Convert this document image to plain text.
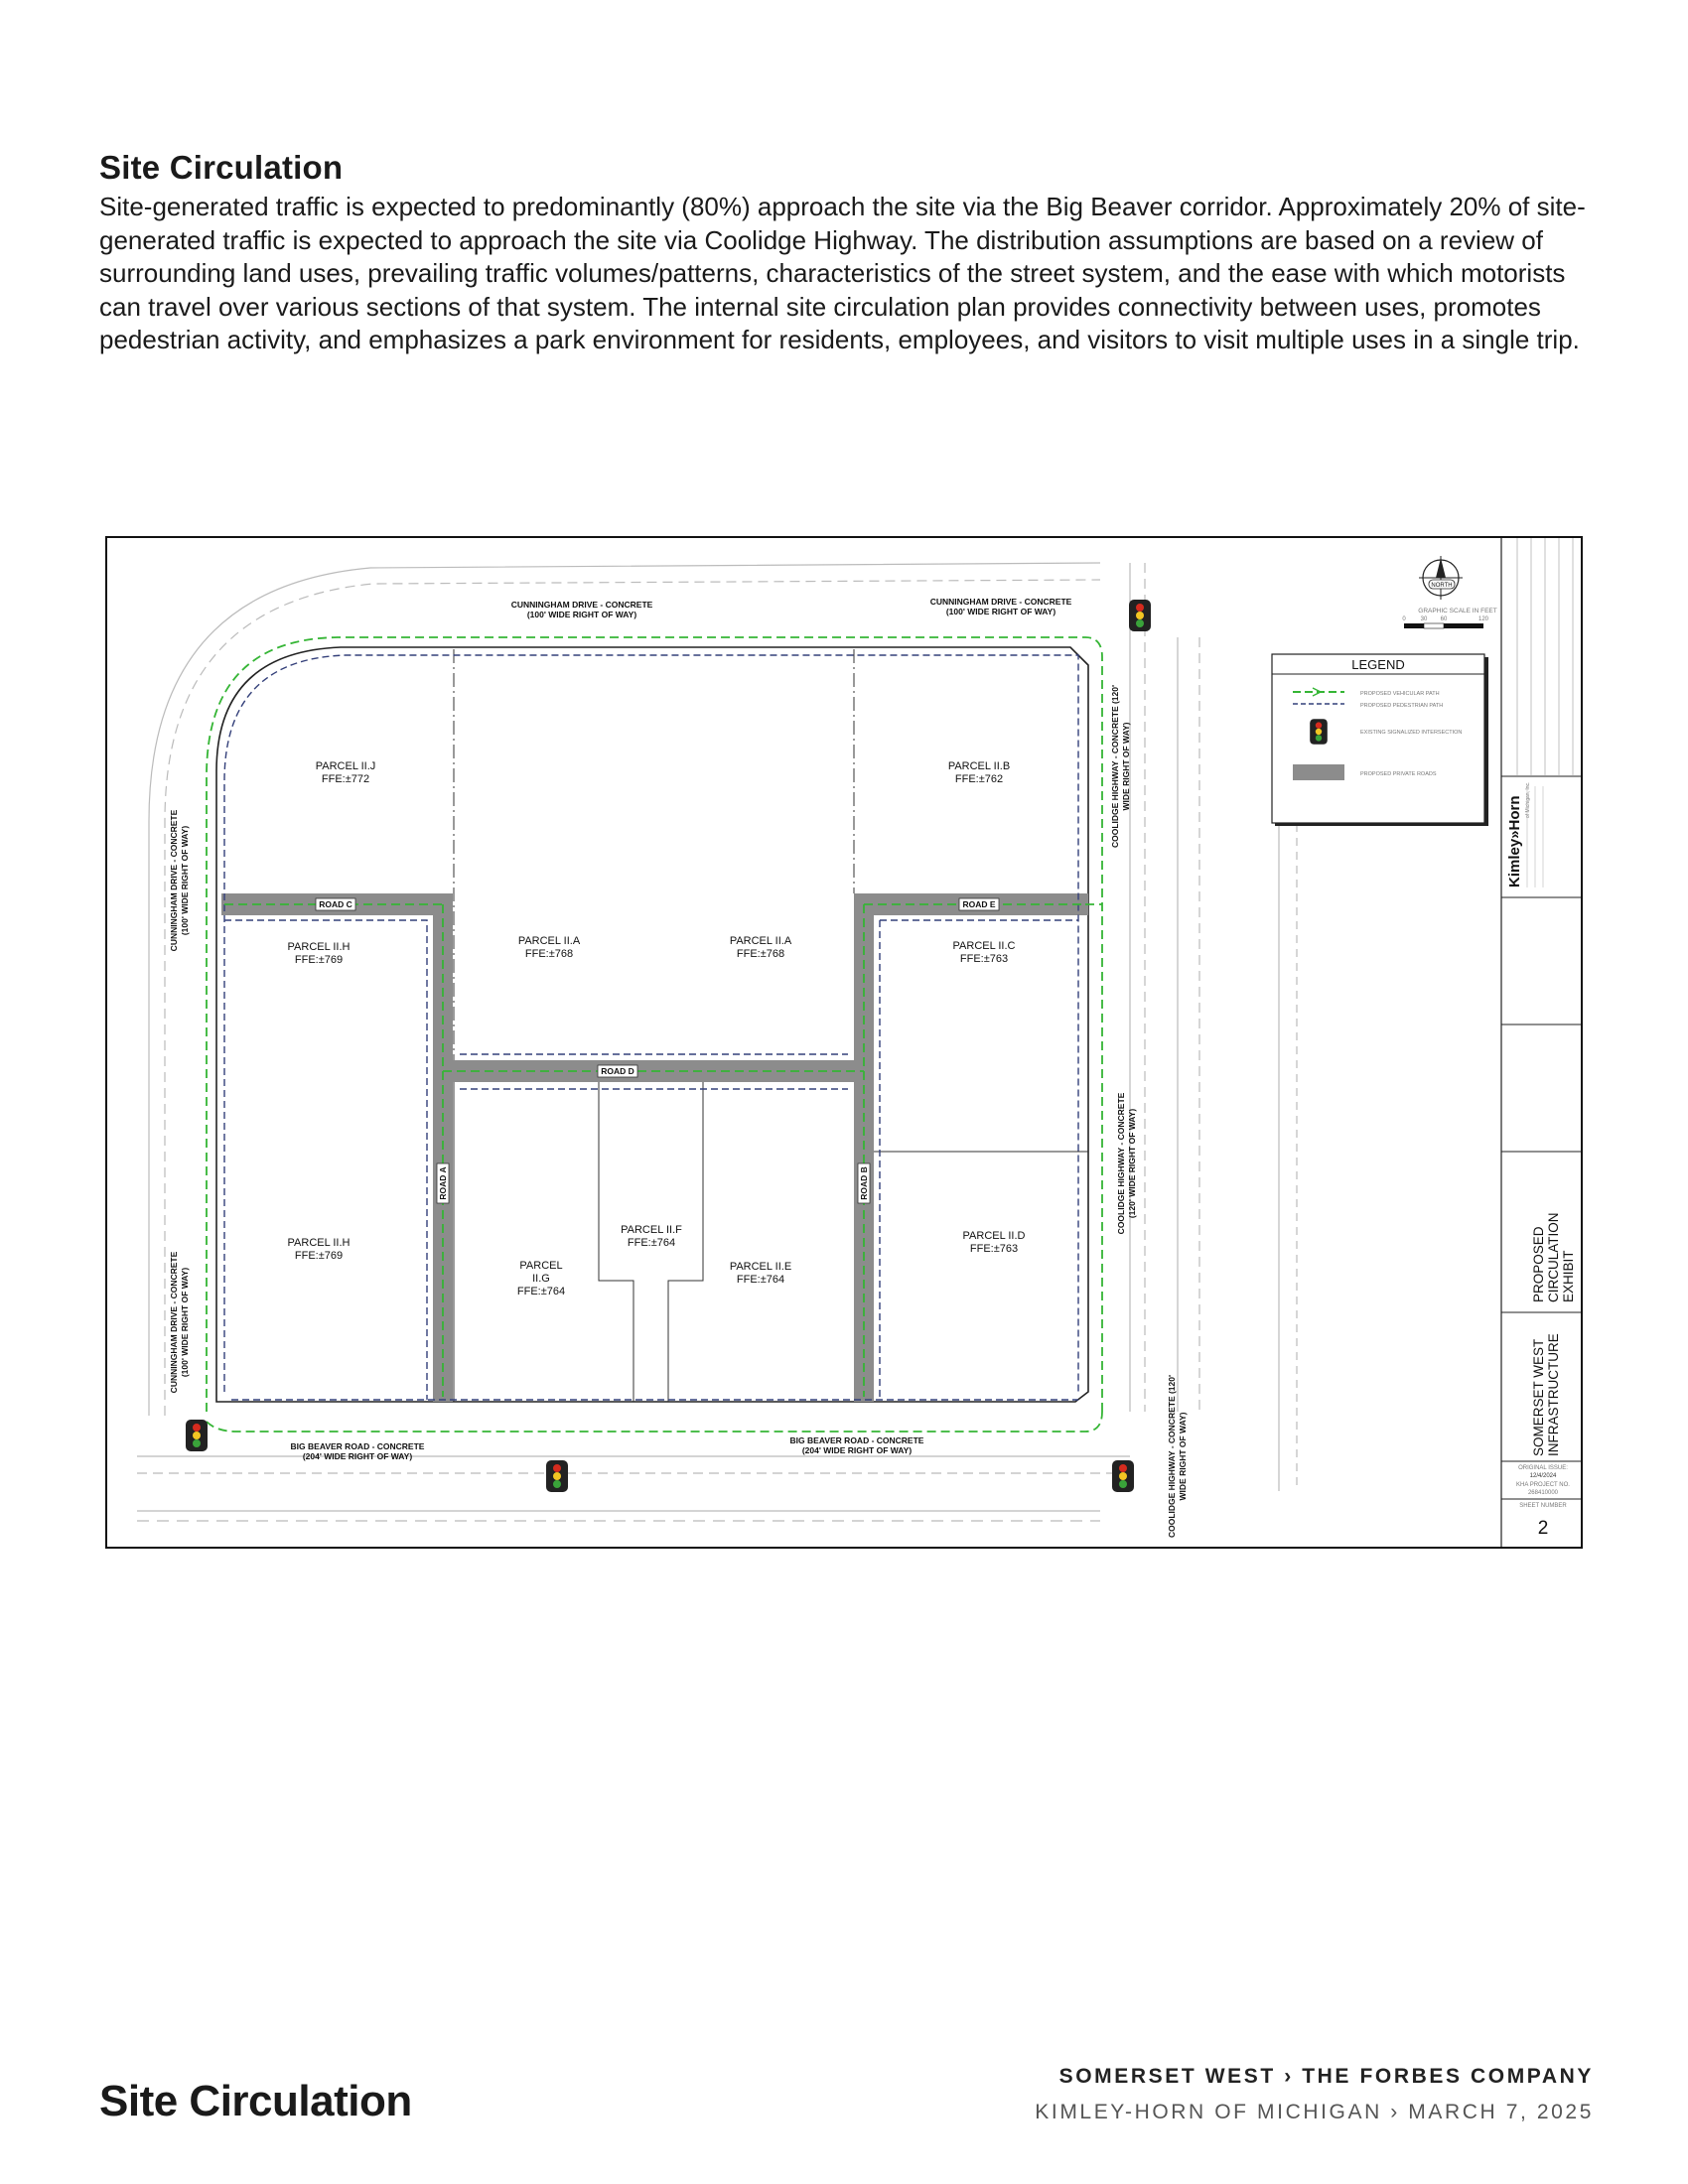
Site Circulation

Site-generated traffic is expected to predominantly (80%) approach the site via the Big Beaver corridor. Approximately 20% of site-generated traffic is expected to approach the site via Coolidge Highway. The distribution assumptions are based on a review of surrounding land uses, prevailing traffic volumes/patterns, characteristics of the street system, and the ease with which motorists can travel over various sections of that system. The internal site circulation plan provides connectivity between uses, promotes pedestrian activity, and emphasizes a park environment for residents, employees, and visitors to visit multiple uses in a single trip.

CUNNINGHAM DRIVE - CONCRETE
(100' WIDE RIGHT OF WAY)
CUNNINGHAM DRIVE - CONCRETE
(100' WIDE RIGHT OF WAY)
CUNNINGHAM DRIVE - CONCRETE (100' WIDE RIGHT OF WAY)
CUNNINGHAM DRIVE - CONCRETE (100' WIDE RIGHT OF WAY)
COOLIDGE HIGHWAY - CONCRETE (120' WIDE RIGHT OF WAY)
COOLIDGE HIGHWAY - CONCRETE (120' WIDE RIGHT OF WAY)
COOLIDGE HIGHWAY - CONCRETE (120' WIDE RIGHT OF WAY)
BIG BEAVER ROAD - CONCRETE
(204' WIDE RIGHT OF WAY)
BIG BEAVER ROAD - CONCRETE
(204' WIDE RIGHT OF WAY)
ROAD C	ROAD E
ROAD D
ROAD A	ROAD B
PARCEL II.J
FFE:±772
PARCEL II.B
FFE:±762
PARCEL II.A
FFE:±768
PARCEL II.A
FFE:±768
PARCEL II.H
FFE:±769
PARCEL II.C
FFE:±763
PARCEL II.H
FFE:±769
PARCEL
II.G
FFE:±764
PARCEL II.F
FFE:±764
PARCEL II.E
FFE:±764
PARCEL II.D
FFE:±763
NORTH
GRAPHIC SCALE IN FEET
0 30 60	120
LEGEND
PROPOSED VEHICULAR PATH
PROPOSED PEDESTRIAN PATH
EXISTING SIGNALIZED INTERSECTION
PROPOSED PRIVATE ROADS
Kimley»Horn of Michigan, Inc.
PROPOSED CIRCULATION EXHIBIT
SOMERSET WEST INFRASTRUCTURE
ORIGINAL ISSUE:
12/4/2024
KHA PROJECT NO.
268410000
SHEET NUMBER
2
Site Circulation
SOMERSET WEST › THE FORBES COMPANY
KIMLEY-HORN OF MICHIGAN › MARCH 7, 2025
